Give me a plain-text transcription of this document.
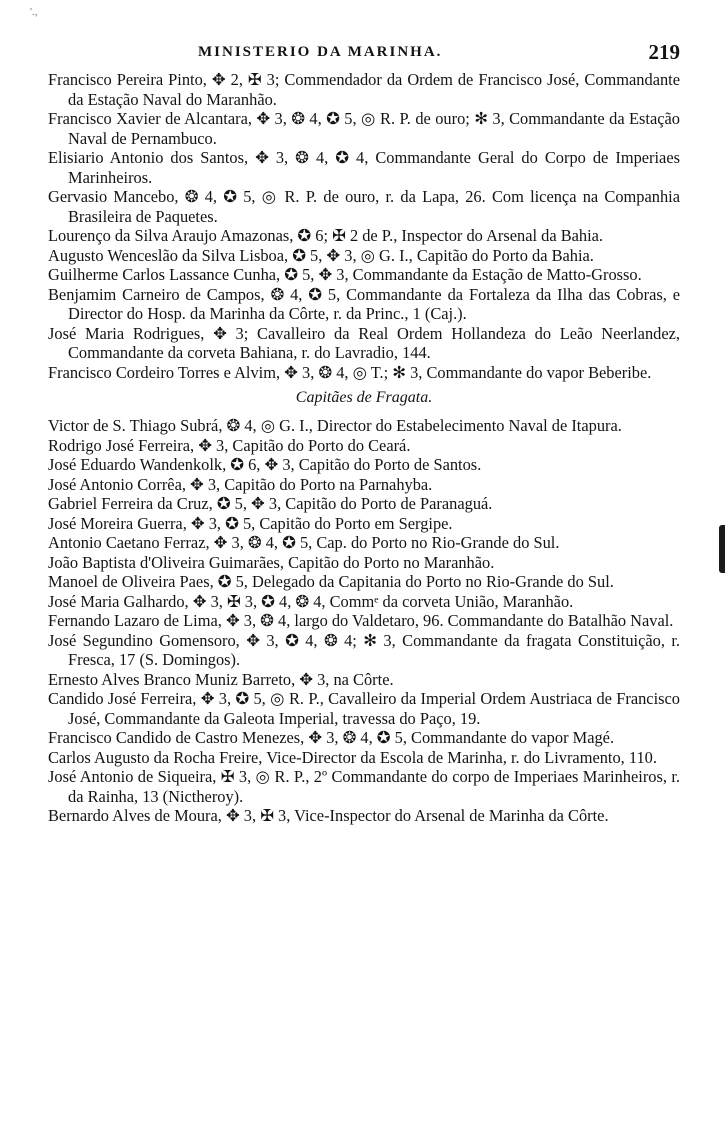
'.,
MINISTERIO DA MARINHA.	219

Francisco Pereira Pinto, ✥ 2, ✠ 3; Commendador da Ordem de Francisco José, Commandante da Estação Naval do Maranhão.

Francisco Xavier de Alcantara, ✥ 3, ❂ 4, ✪ 5, ◎ R. P. de ouro; ✻ 3, Commandante da Estação Naval de Pernambuco.

Elisiario Antonio dos Santos, ✥ 3, ❂ 4, ✪ 4, Commandante Geral do Corpo de Imperiaes Marinheiros.

Gervasio Mancebo, ❂ 4, ✪ 5, ◎ R. P. de ouro, r. da Lapa, 26. Com licença na Companhia Brasileira de Paquetes.

Lourenço da Silva Araujo Amazonas, ✪ 6; ✠ 2 de P., Inspector do Arsenal da Bahia.

Augusto Wenceslão da Silva Lisboa, ✪ 5, ✥ 3, ◎ G. I., Capitão do Porto da Bahia.

Guilherme Carlos Lassance Cunha, ✪ 5, ✥ 3, Commandante da Estação de Matto-Grosso.

Benjamim Carneiro de Campos, ❂ 4, ✪ 5, Commandante da Fortaleza da Ilha das Cobras, e Director do Hosp. da Marinha da Côrte, r. da Princ., 1 (Caj.).

José Maria Rodrigues, ✥ 3; Cavalleiro da Real Ordem Hollandeza do Leão Neerlandez, Commandante da corveta Bahiana, r. do Lavradio, 144.

Francisco Cordeiro Torres e Alvim, ✥ 3, ❂ 4, ◎ T.; ✻ 3, Commandante do vapor Beberibe.

Capitães de Fragata.

Victor de S. Thiago Subrá, ❂ 4, ◎ G. I., Director do Estabelecimento Naval de Itapura.

Rodrigo José Ferreira, ✥ 3, Capitão do Porto do Ceará.

José Eduardo Wandenkolk, ✪ 6, ✥ 3, Capitão do Porto de Santos.

José Antonio Corrêa, ✥ 3, Capitão do Porto na Parnahyba.

Gabriel Ferreira da Cruz, ✪ 5, ✥ 3, Capitão do Porto de Paranaguá.

José Moreira Guerra, ✥ 3, ✪ 5, Capitão do Porto em Sergipe.

Antonio Caetano Ferraz, ✥ 3, ❂ 4, ✪ 5, Cap. do Porto no Rio-Grande do Sul.

João Baptista d'Oliveira Guimarães, Capitão do Porto no Maranhão.

Manoel de Oliveira Paes, ✪ 5, Delegado da Capitania do Porto no Rio-Grande do Sul.

José Maria Galhardo, ✥ 3, ✠ 3, ✪ 4, ❂ 4, Commᵉ da corveta União, Maranhão.

Fernando Lazaro de Lima, ✥ 3, ❂ 4, largo do Valdetaro, 96. Commandante do Batalhão Naval.

José Segundino Gomensoro, ✥ 3, ✪ 4, ❂ 4; ✻ 3, Commandante da fragata Constituição, r. Fresca, 17 (S. Domingos).

Ernesto Alves Branco Muniz Barreto, ✥ 3, na Côrte.

Candido José Ferreira, ✥ 3, ✪ 5, ◎ R. P., Cavalleiro da Imperial Ordem Austriaca de Francisco José, Commandante da Galeota Imperial, travessa do Paço, 19.

Francisco Candido de Castro Menezes, ✥ 3, ❂ 4, ✪ 5, Commandante do vapor Magé.

Carlos Augusto da Rocha Freire, Vice-Director da Escola de Marinha, r. do Livramento, 110.

José Antonio de Siqueira, ✠ 3, ◎ R. P., 2º Commandante do corpo de Imperiaes Marinheiros, r. da Rainha, 13 (Nictheroy).

Bernardo Alves de Moura, ✥ 3, ✠ 3, Vice-Inspector do Arsenal de Marinha da Côrte.
